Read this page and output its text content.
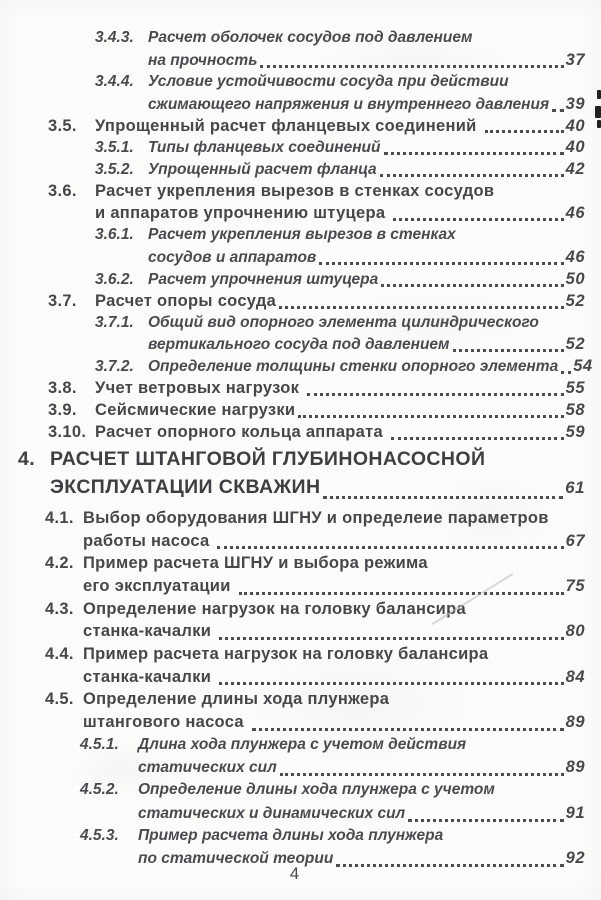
3.4.3. Расчет оболочек сосудов под давлением
на прочность	37
3.4.4. Условие устойчивости сосуда при действии
сжимающего напряжения и внутреннего давления 39
3.5.	Упрощенный расчет фланцевых соединений	40
3.5.1. Типы фланцевых соединений	40
3.5.2. Упрощенный расчет фланца	42
3.6.	Расчет укрепления вырезов в стенках сосудов
и аппаратов упрочнению штуцера	46
3.6.1. Расчет укрепления вырезов в стенках
сосудов и аппаратов	46
3.6.2. Расчет упрочнения штуцера	50
3.7.	Расчет опоры сосуда	52
3.7.1. Общий вид опорного элемента цилиндрического
вертикального сосуда под давлением	52
3.7.2. Определение толщины стенки опорного элемента 54
3.8.	Учет ветровых нагрузок	55
3.9.	Сейсмические нагрузки	58
3.10. Расчет опорного кольца аппарата	59
4. РАСЧЕТ ШТАНГОВОЙ ГЛУБИНОНАСОСНОЙ
ЭКСПЛУАТАЦИИ СКВАЖИН	61
4.1. Выбор оборудования ШГНУ и определеие параметров
работы насоса	67
4.2. Пример расчета ШГНУ и выбора режима
его эксплуатации	75
4.3. Определение нагрузок на головку балансира
станка-качалки	80
4.4. Пример расчета нагрузок на головку балансира
станка-качалки	84
4.5. Определение длины хода плунжера
штангового насоса	89
4.5.1.	Длина хода плунжера с учетом действия
статических сил	89
4.5.2.	Определение длины хода плунжера с учетом
статических и динамических сил	91
4.5.3.	Пример расчета длины хода плунжера
по статической теории	92
4
